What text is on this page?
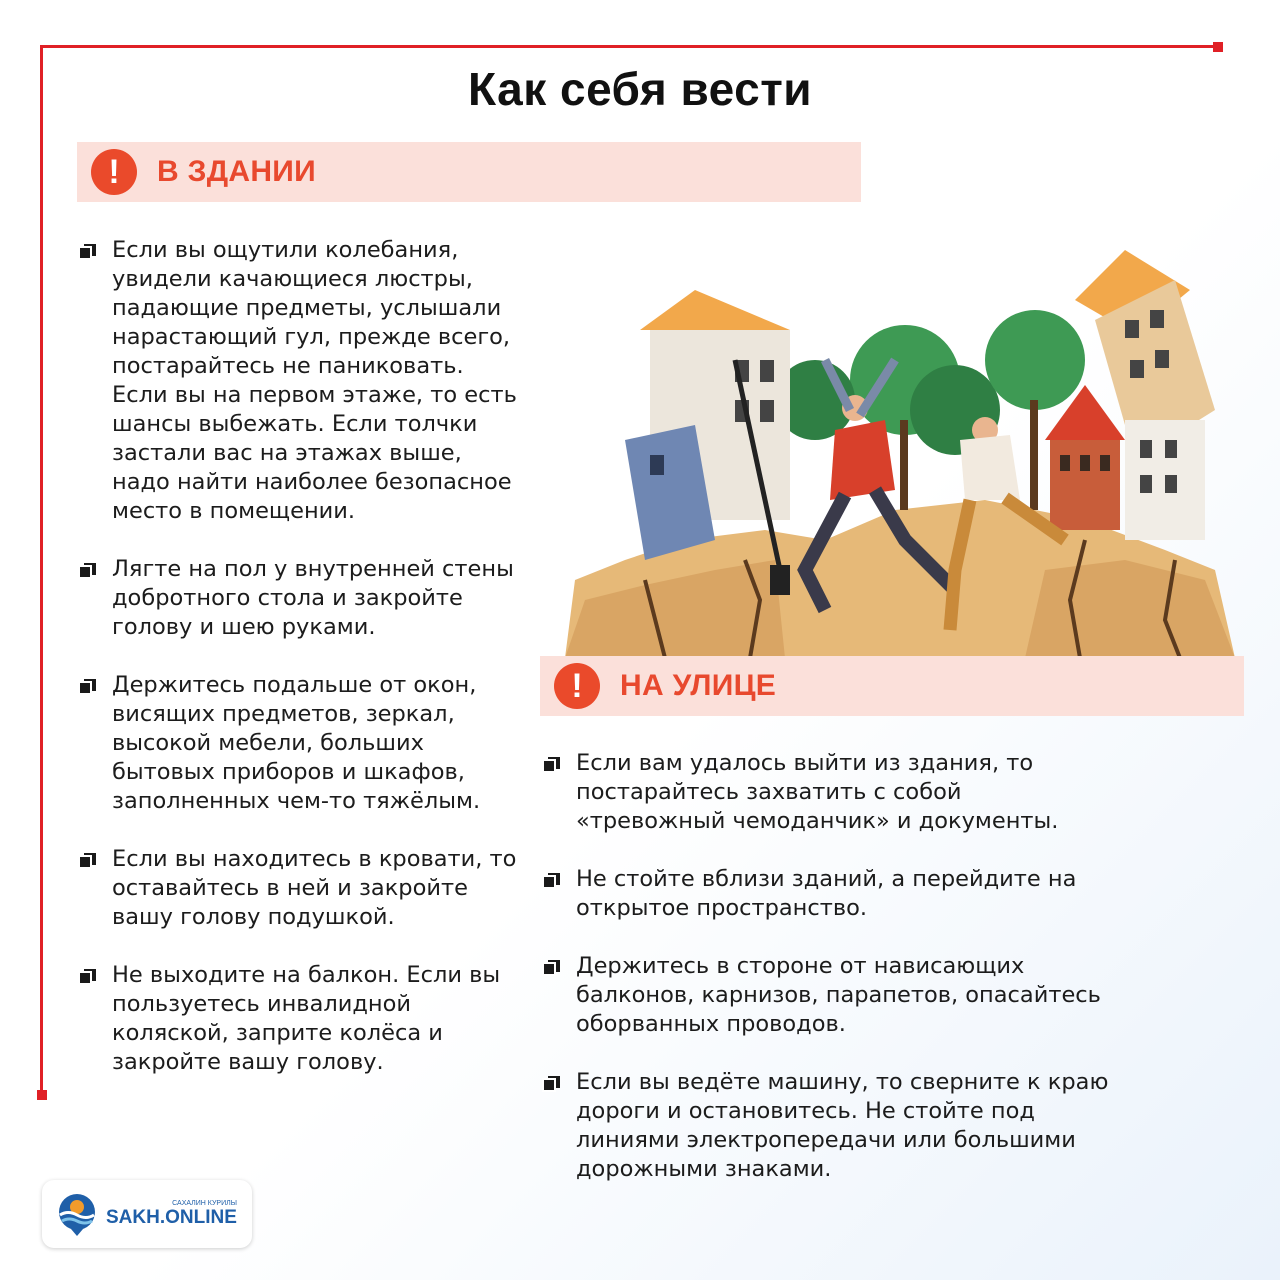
Как себя вести
!	В ЗДАНИИ
Если вы ощутили колебания, увидели качающиеся люстры, падающие предметы, услышали нарастающий гул, прежде всего, постарайтесь не паниковать. Если вы на первом этаже, то есть шансы выбежать. Если толчки застали вас на этажах выше, надо найти наиболее безопасное место в помещении.
Лягте на пол у внутренней стены добротного стола и закройте голову и шею руками.
Держитесь подальше от окон, висящих предметов, зеркал, высокой мебели, больших бытовых приборов и шкафов, заполненных чем-то тяжёлым.
Если вы находитесь в кровати, то оставайтесь в ней и закройте вашу голову подушкой.
Не выходите на балкон. Если вы пользуетесь инвалидной коляской, заприте колёса и закройте вашу голову.
!	НА УЛИЦЕ
Если вам удалось выйти из здания, то постарайтесь захватить с собой «тревожный чемоданчик» и документы.
Не стойте вблизи зданий, а перейдите на открытое пространство.
Держитесь в стороне от нависающих балконов, карнизов, парапетов, опасайтесь оборванных проводов.
Если вы ведёте машину, то сверните к краю дороги и остановитесь. Не стойте под линиями электропередачи или большими дорожными знаками.
САХАЛИН КУРИЛЫ
SAKH.ONLINE
